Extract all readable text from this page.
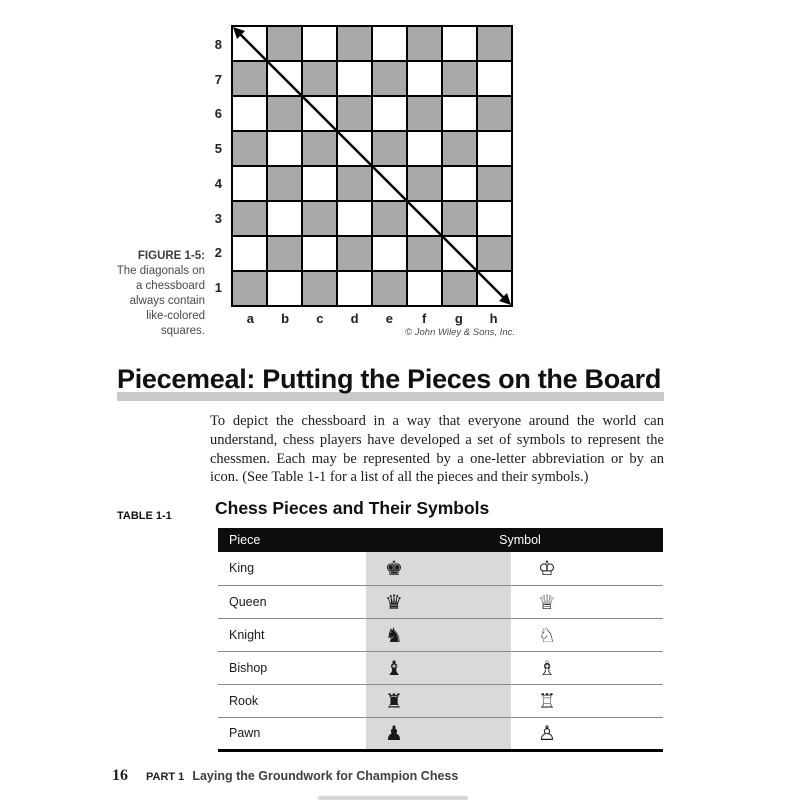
8
7
6
5
4
3
2
1
a	b	c	d	e	f	g	h
FIGURE 1-5:
The diagonals on
a chessboard
always contain
like-colored
squares.	© John Wiley & Sons, Inc.
Piecemeal: Putting the Pieces on the Board

To depict the chessboard in a way that everyone around the world can understand, chess players have developed a set of symbols to represent the chessmen. Each may be represented by a one-letter abbreviation or by an icon. (See Table 1-1 for a list of all the pieces and their symbols.)

TABLE 1-1 Chess Pieces and Their Symbols
Piece	Symbol	
King	♚	♔
Queen	♛	♕
Knight	♞	♘
Bishop	♝	♗
Rook	♜	♖
Pawn	♟	♙
16 PART 1 Laying the Groundwork for Champion Chess
